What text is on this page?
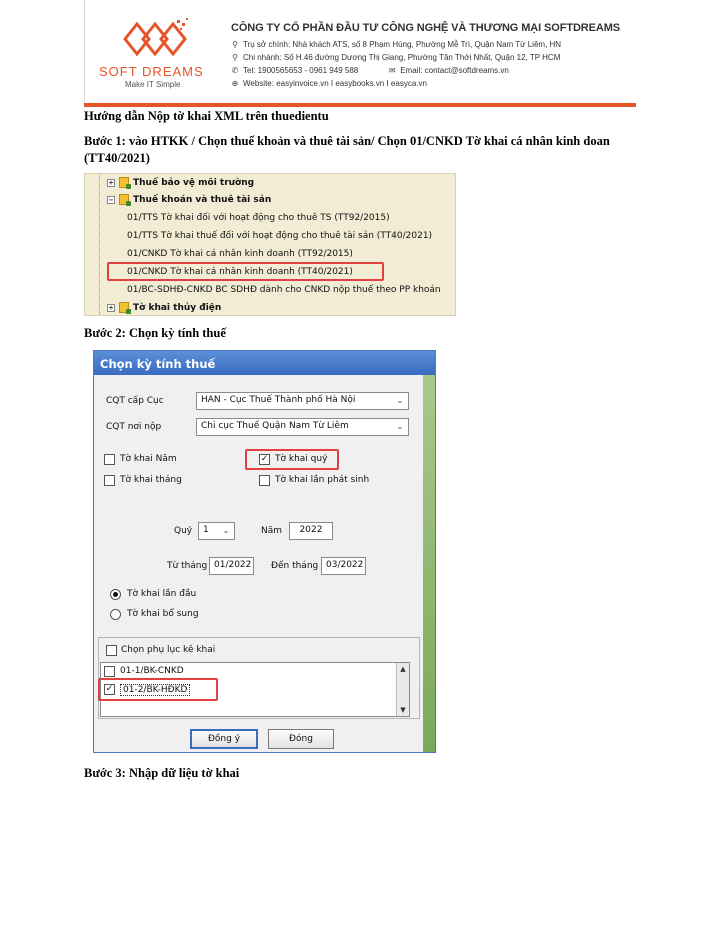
SOFT DREAMS
Make IT Simple
CÔNG TY CỔ PHẦN ĐẦU TƯ CÔNG NGHỆ VÀ THƯƠNG MẠI SOFTDREAMS
⚲ Trụ sở chính: Nhà khách ATS, số 8 Phạm Hùng, Phường Mễ Trì, Quận Nam Từ Liêm, HN
⚲ Chi nhánh: Số H.46 đường Dương Thị Giang, Phường Tân Thới Nhất, Quận 12, TP HCM
✆ Tel: 1900565653 - 0961 949 588	✉ Email: contact@softdreams.vn
⊕ Website: easyinvoice.vn I easybooks.vn I easyca.vn
Hướng dẫn Nộp tờ khai XML trên thuedientu
Bước 1: vào HTKK / Chọn thuế khoản và thuê tài sản/ Chọn 01/CNKD Tờ khai cá nhân kinh doan
(TT40/2021)
+ Thuế bảo vệ môi trường
− Thuế khoán và thuê tài sản
01/TTS Tờ khai đối với hoạt động cho thuê TS (TT92/2015)
01/TTS Tờ khai thuế đối với hoạt động cho thuê tài sản (TT40/2021)
01/CNKD Tờ khai cá nhân kinh doanh (TT92/2015)
01/CNKD Tờ khai cá nhân kinh doanh (TT40/2021)
01/BC-SDHĐ-CNKD BC SDHĐ dành cho CNKD nộp thuế theo PP khoán
+ Tờ khai thủy điện
Bước 2: Chọn kỳ tính thuế
Chọn kỳ tính thuế
CQT cấp Cục	HAN - Cục Thuế Thành phố Hà Nội	⌄
CQT nơi nộp	Chi cục Thuế Quận Nam Từ Liêm	⌄
Tờ khai Năm	✓ Tờ khai quý
Tờ khai tháng	Tờ khai lần phát sinh
Quý	1	⌄	Năm	2022
Từ tháng 01/2022 Đến tháng 03/2022
Tờ khai lần đầu
Tờ khai bổ sung
Chọn phụ lục kê khai
01-1/BK-CNKD
✓	01-2/BK-HĐKD
▲
▼
Đồng ý	Đóng
Bước 3: Nhập dữ liệu tờ khai
